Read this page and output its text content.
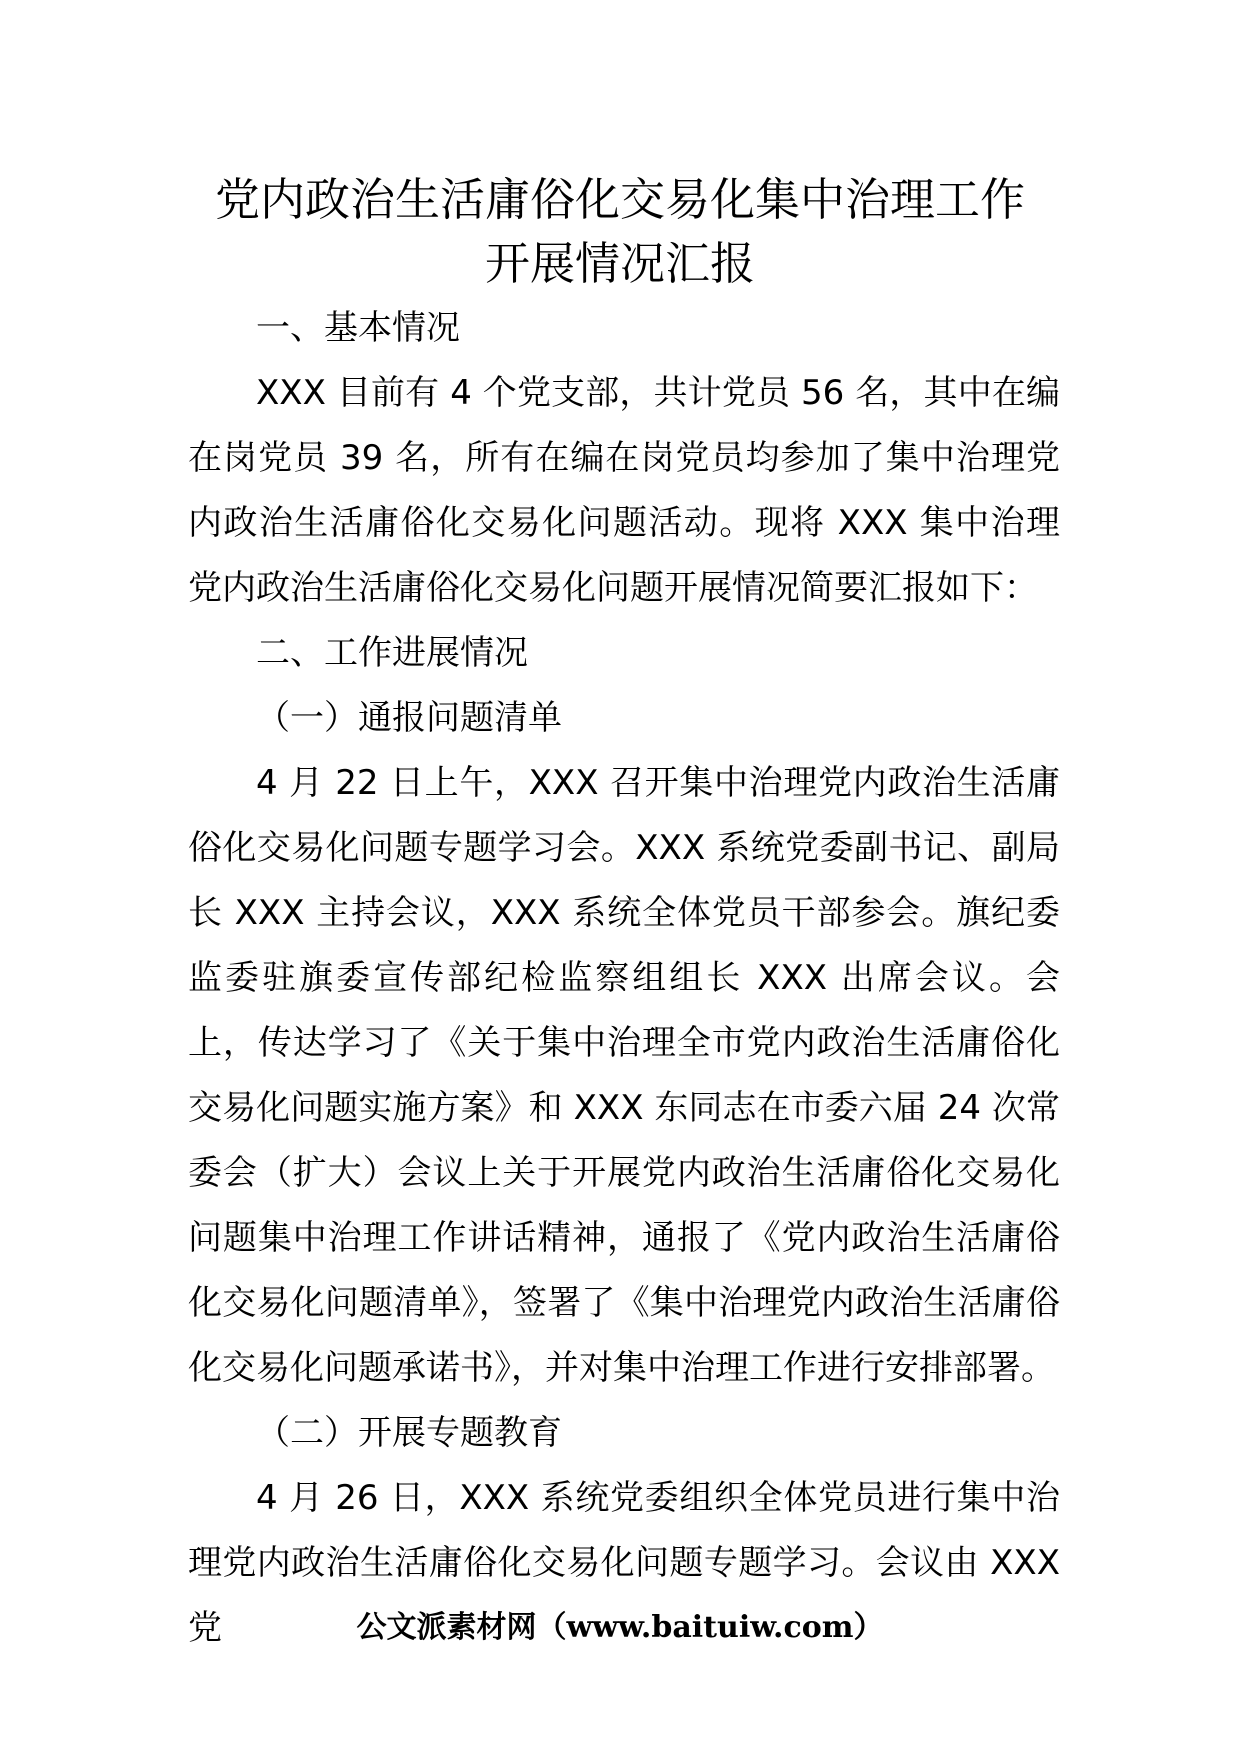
党内政治生活庸俗化交易化集中治理工作
开展情况汇报

一、基本情况

XXX 目前有 4 个党支部，共计党员 56 名，其中在编在岗党员 39 名，所有在编在岗党员均参加了集中治理党内政治生活庸俗化交易化问题活动。现将 XXX 集中治理党内政治生活庸俗化交易化问题开展情况简要汇报如下：

二、工作进展情况

（一）通报问题清单

4 月 22 日上午，XXX 召开集中治理党内政治生活庸俗化交易化问题专题学习会。XXX 系统党委副书记、副局长 XXX 主持会议，XXX 系统全体党员干部参会。旗纪委监委驻旗委宣传部纪检监察组组长 XXX 出席会议。会上，传达学习了《关于集中治理全市党内政治生活庸俗化交易化问题实施方案》和 XXX 东同志在市委六届 24 次常委会（扩大）会议上关于开展党内政治生活庸俗化交易化问题集中治理工作讲话精神，通报了《党内政治生活庸俗化交易化问题清单》，签署了《集中治理党内政治生活庸俗化交易化问题承诺书》，并对集中治理工作进行安排部署。

（二）开展专题教育

4 月 26 日，XXX 系统党委组织全体党员进行集中治理党内政治生活庸俗化交易化问题专题学习。会议由 XXX 党	公文派素材网（www.baituiw.com）
